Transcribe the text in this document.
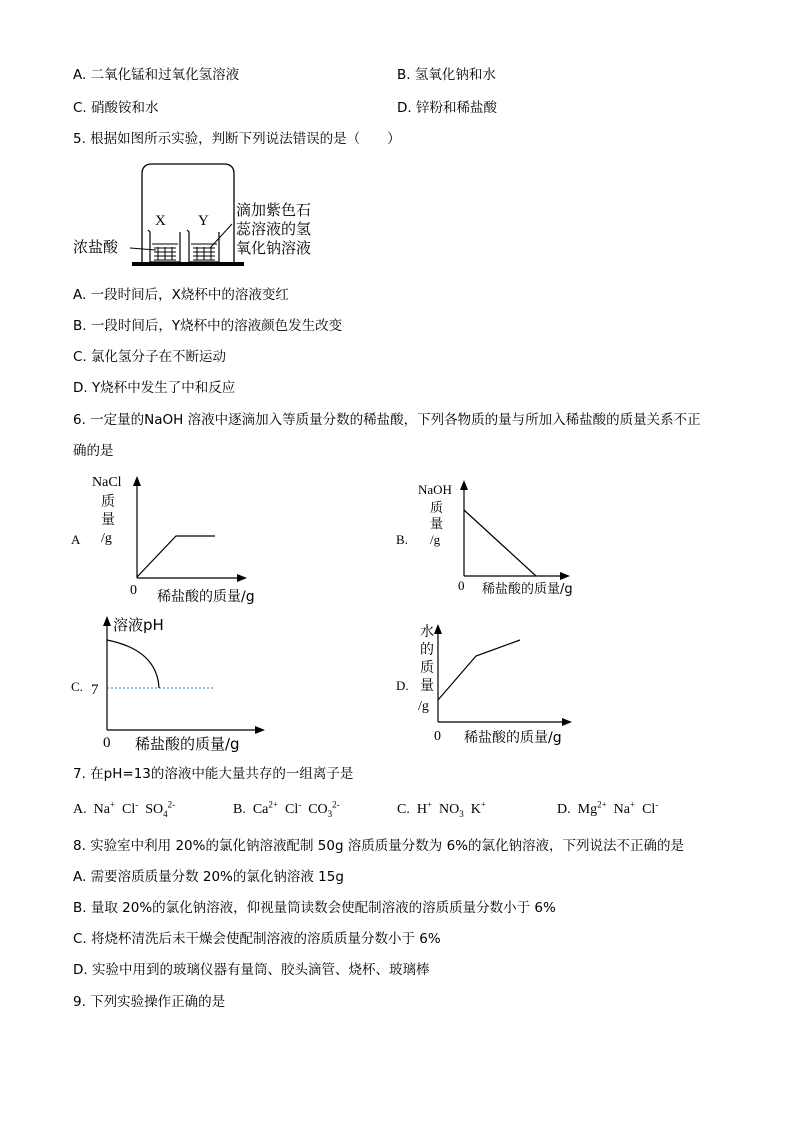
A. 二氧化锰和过氧化氢溶液	B. 氢氧化钠和水
C. 硝酸铵和水	D. 锌粉和稀盐酸
5. 根据如图所示实验，判断下列说法错误的是（　　）
X Y
浓盐酸
滴加紫色石
蕊溶液的氢
氧化钠溶液
A. 一段时间后，X烧杯中的溶液变红
B. 一段时间后，Y烧杯中的溶液颜色发生改变
C. 氯化氢分子在不断运动
D. Y烧杯中发生了中和反应
6. 一定量的NaOH 溶液中逐滴加入等质量分数的稀盐酸，下列各物质的量与所加入稀盐酸的质量关系不正
确的是
A
NaCl
质
量
/g
0 稀盐酸的质量/g
B.
NaOH
质
量
/g
0 稀盐酸的质量/g
C.
溶液pH
7
0 稀盐酸的质量/g
D.
水
的
质
量
/g
0 稀盐酸的质量/g
7. 在pH=13的溶液中能大量共存的一组离子是
A. Na+ Cl- $SO_4^{2-}$	B. $Ca^{2+}$ Cl- $CO_3^{2-}$	C. H+ $NO_3$ K+	D. $Mg^{2+}$ Na+ Cl-
8. 实验室中利用 20%的氯化钠溶液配制 50g 溶质质量分数为 6%的氯化钠溶液，下列说法不正确的是
A. 需要溶质质量分数 20%的氯化钠溶液 15g
B. 量取 20%的氯化钠溶液，仰视量筒读数会使配制溶液的溶质质量分数小于 6%
C. 将烧杯清洗后未干燥会使配制溶液的溶质质量分数小于 6%
D. 实验中用到的玻璃仪器有量筒、胶头滴管、烧杯、玻璃棒
9. 下列实验操作正确的是
